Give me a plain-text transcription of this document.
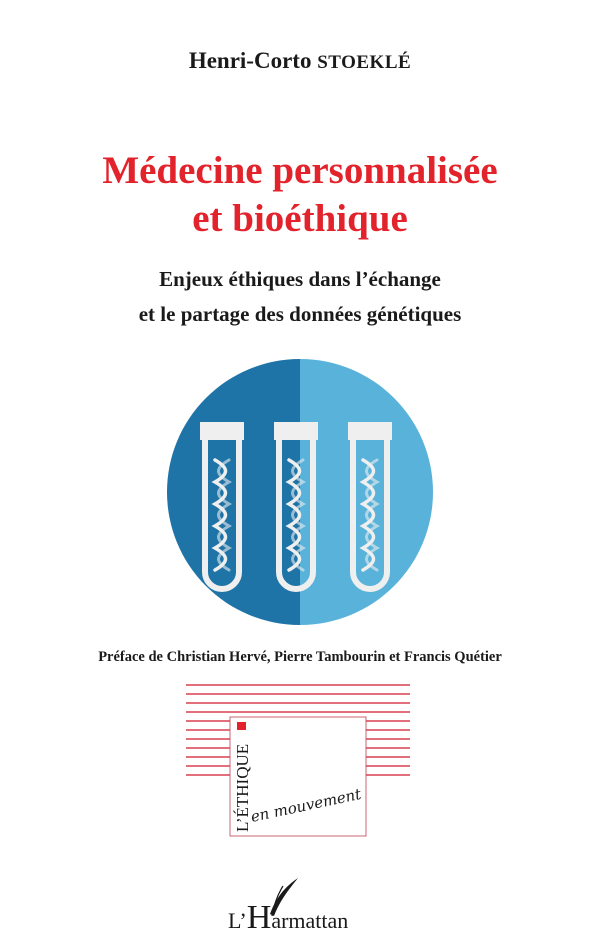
Henri-Corto STOEKLÉ
Médecine personnalisée
et bioéthique
Enjeux éthiques dans l’échange
et le partage des données génétiques
Préface de Christian Hervé, Pierre Tambourin et Francis Quétier
L’ÉTHIQUE
en mouvement
L’Harmattan
